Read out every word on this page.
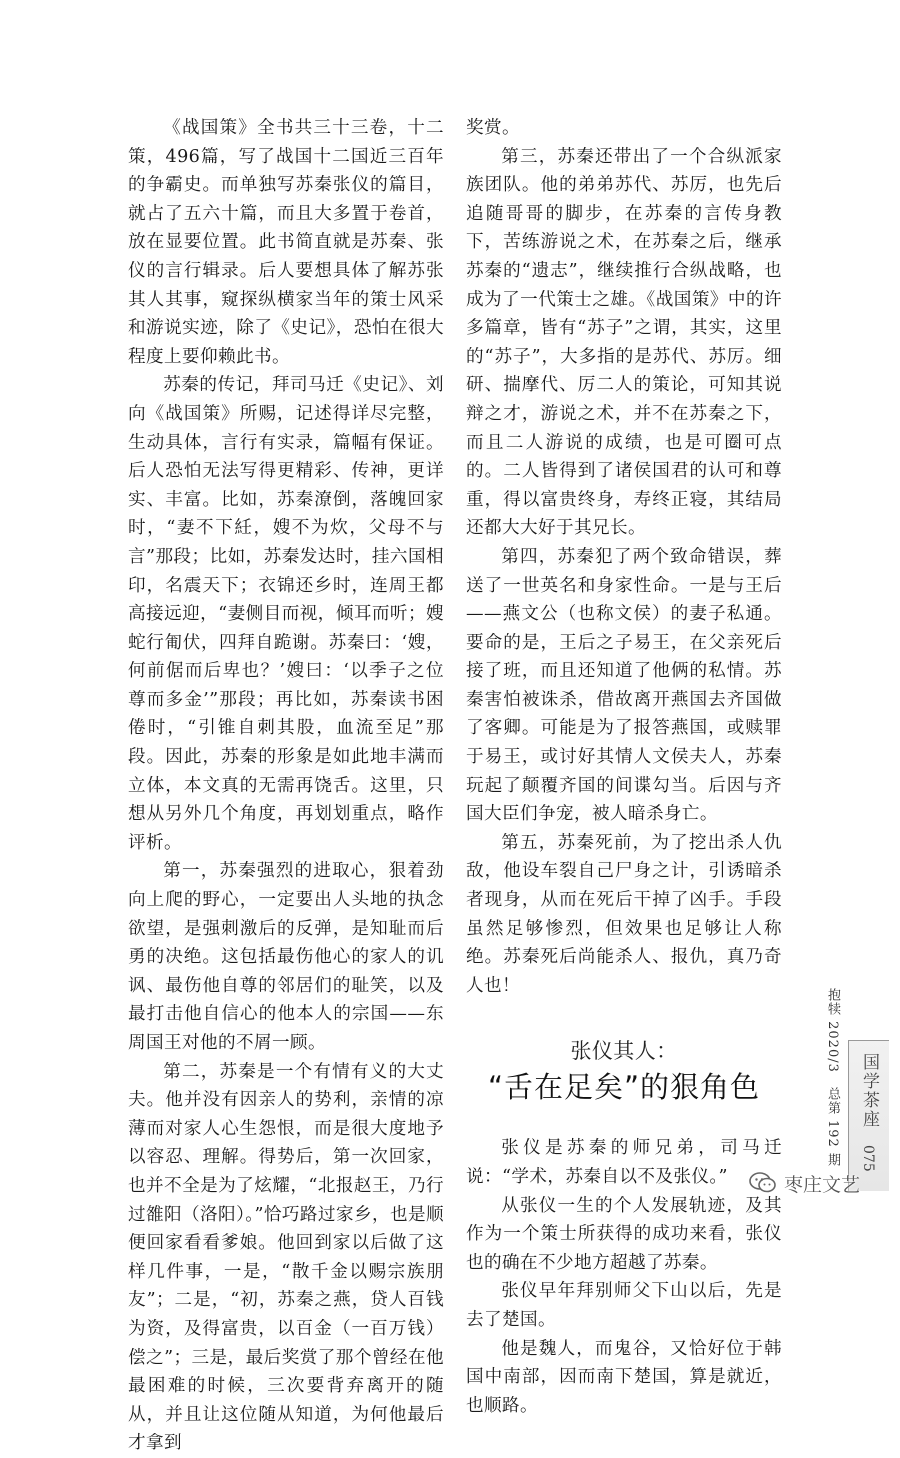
《战国策》全书共三十三卷，十二策，496篇，写了战国十二国近三百年的争霸史。而单独写苏秦张仪的篇目，就占了五六十篇，而且大多置于卷首，放在显要位置。此书简直就是苏秦、张仪的言行辑录。后人要想具体了解苏张其人其事，窥探纵横家当年的策士风采和游说实迹，除了《史记》，恐怕在很大程度上要仰赖此书。

苏秦的传记，拜司马迁《史记》、刘向《战国策》所赐，记述得详尽完整，生动具体，言行有实录，篇幅有保证。后人恐怕无法写得更精彩、传神，更详实、丰富。比如，苏秦潦倒，落魄回家时，“妻不下紝，嫂不为炊，父母不与言”那段；比如，苏秦发达时，挂六国相印，名震天下；衣锦还乡时，连周王都高接远迎，“妻侧目而视，倾耳而听；嫂蛇行匍伏，四拜自跪谢。苏秦曰：‘嫂，何前倨而后卑也？’嫂曰：‘以季子之位尊而多金’”那段；再比如，苏秦读书困倦时，“引锥自刺其股，血流至足”那段。因此，苏秦的形象是如此地丰满而立体，本文真的无需再饶舌。这里，只想从另外几个角度，再划划重点，略作评析。

第一，苏秦强烈的进取心，狠着劲向上爬的野心，一定要出人头地的执念欲望，是强刺激后的反弹，是知耻而后勇的决绝。这包括最伤他心的家人的讥讽、最伤他自尊的邻居们的耻笑，以及最打击他自信心的他本人的宗国——东周国王对他的不屑一顾。

第二，苏秦是一个有情有义的大丈夫。他并没有因亲人的势利，亲情的凉薄而对家人心生怨恨，而是很大度地予以容忍、理解。得势后，第一次回家，也并不全是为了炫耀，“北报赵王，乃行过雒阳（洛阳）。”恰巧路过家乡，也是顺便回家看看爹娘。他回到家以后做了这样几件事，一是，“散千金以赐宗族朋友”；二是，“初，苏秦之燕，贷人百钱为资，及得富贵，以百金（一百万钱）偿之”；三是，最后奖赏了那个曾经在他最困难的时候，三次要背弃离开的随从，并且让这位随从知道，为何他最后才拿到

奖赏。

第三，苏秦还带出了一个合纵派家族团队。他的弟弟苏代、苏厉，也先后追随哥哥的脚步，在苏秦的言传身教下，苦练游说之术，在苏秦之后，继承苏秦的“遗志”，继续推行合纵战略，也成为了一代策士之雄。《战国策》中的许多篇章，皆有“苏子”之谓，其实，这里的“苏子”，大多指的是苏代、苏厉。细研、揣摩代、厉二人的策论，可知其说辩之才，游说之术，并不在苏秦之下，而且二人游说的成绩，也是可圈可点的。二人皆得到了诸侯国君的认可和尊重，得以富贵终身，寿终正寝，其结局还都大大好于其兄长。

第四，苏秦犯了两个致命错误，葬送了一世英名和身家性命。一是与王后——燕文公（也称文侯）的妻子私通。要命的是，王后之子易王，在父亲死后接了班，而且还知道了他俩的私情。苏秦害怕被诛杀，借故离开燕国去齐国做了客卿。可能是为了报答燕国，或赎罪于易王，或讨好其情人文侯夫人，苏秦玩起了颠覆齐国的间谍勾当。后因与齐国大臣们争宠，被人暗杀身亡。

第五，苏秦死前，为了挖出杀人仇敌，他设车裂自己尸身之计，引诱暗杀者现身，从而在死后干掉了凶手。手段虽然足够惨烈，但效果也足够让人称绝。苏秦死后尚能杀人、报仇，真乃奇人也！

张仪其人：
“舌在足矣”的狠角色

张仪是苏秦的师兄弟，司马迁说：“学术，苏秦自以不及张仪。”

从张仪一生的个人发展轨迹，及其作为一个策士所获得的成功来看，张仪也的确在不少地方超越了苏秦。

张仪早年拜别师父下山以后，先是去了楚国。

他是魏人，而鬼谷，又恰好位于韩国中南部，因而南下楚国，算是就近，也顺路。

抱犊 2020/3　总第 192 期 国学茶座
075
枣庄文艺
